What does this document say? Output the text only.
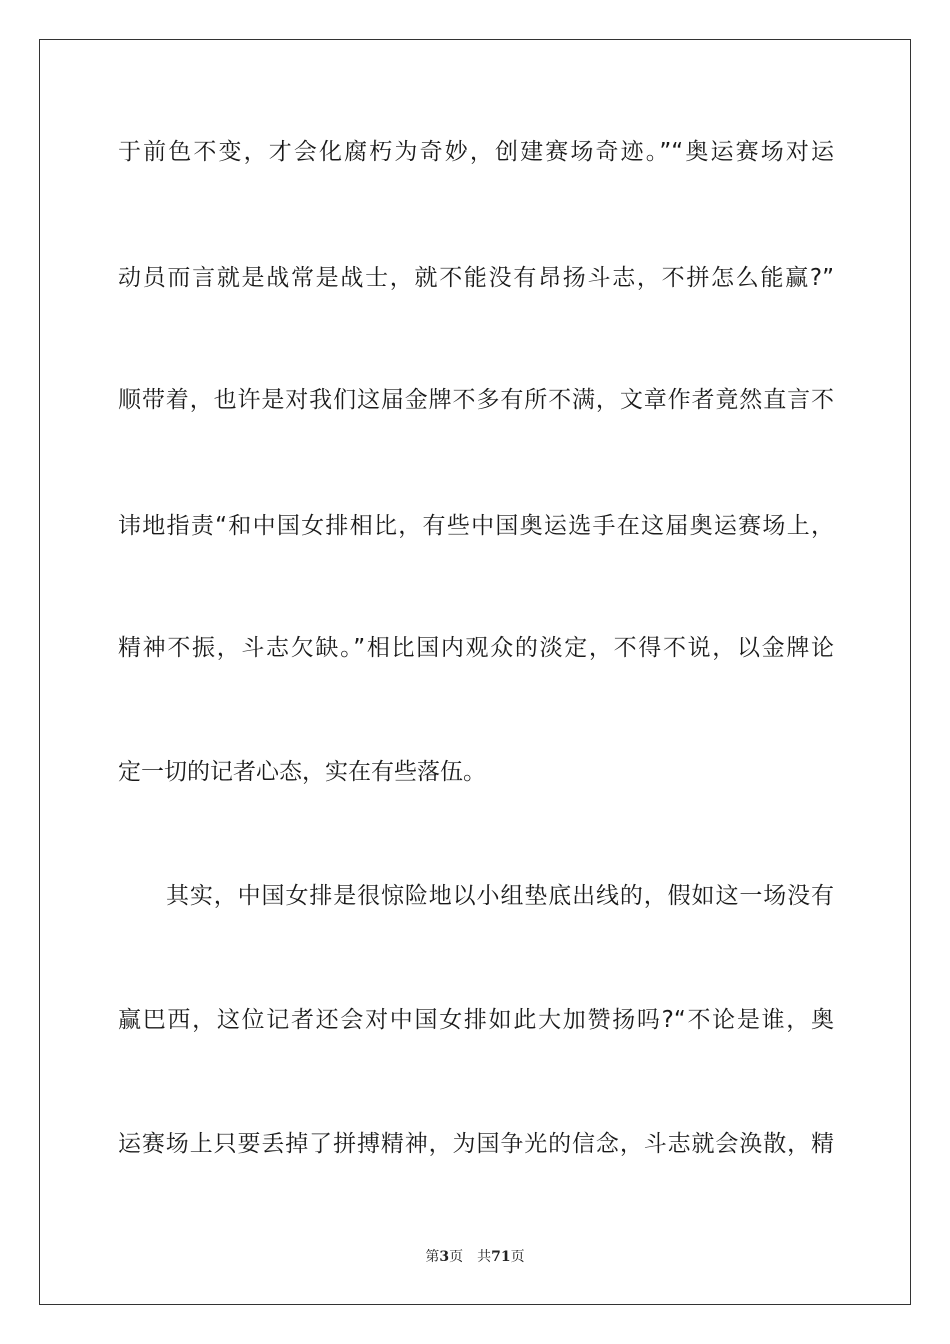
于前色不变，才会化腐朽为奇妙，创建赛场奇迹。”“奥运赛场对运
动员而言就是战常是战士，就不能没有昂扬斗志，不拼怎么能赢?”
顺带着，也许是对我们这届金牌不多有所不满，文章作者竟然直言不
讳地指责“和中国女排相比，有些中国奥运选手在这届奥运赛场上，
精神不振，斗志欠缺。”相比国内观众的淡定，不得不说，以金牌论
定一切的记者心态，实在有些落伍。
其实，中国女排是很惊险地以小组垫底出线的，假如这一场没有
赢巴西，这位记者还会对中国女排如此大加赞扬吗?“不论是谁，奥
运赛场上只要丢掉了拼搏精神，为国争光的信念，斗志就会涣散，精
第3页 共71页
